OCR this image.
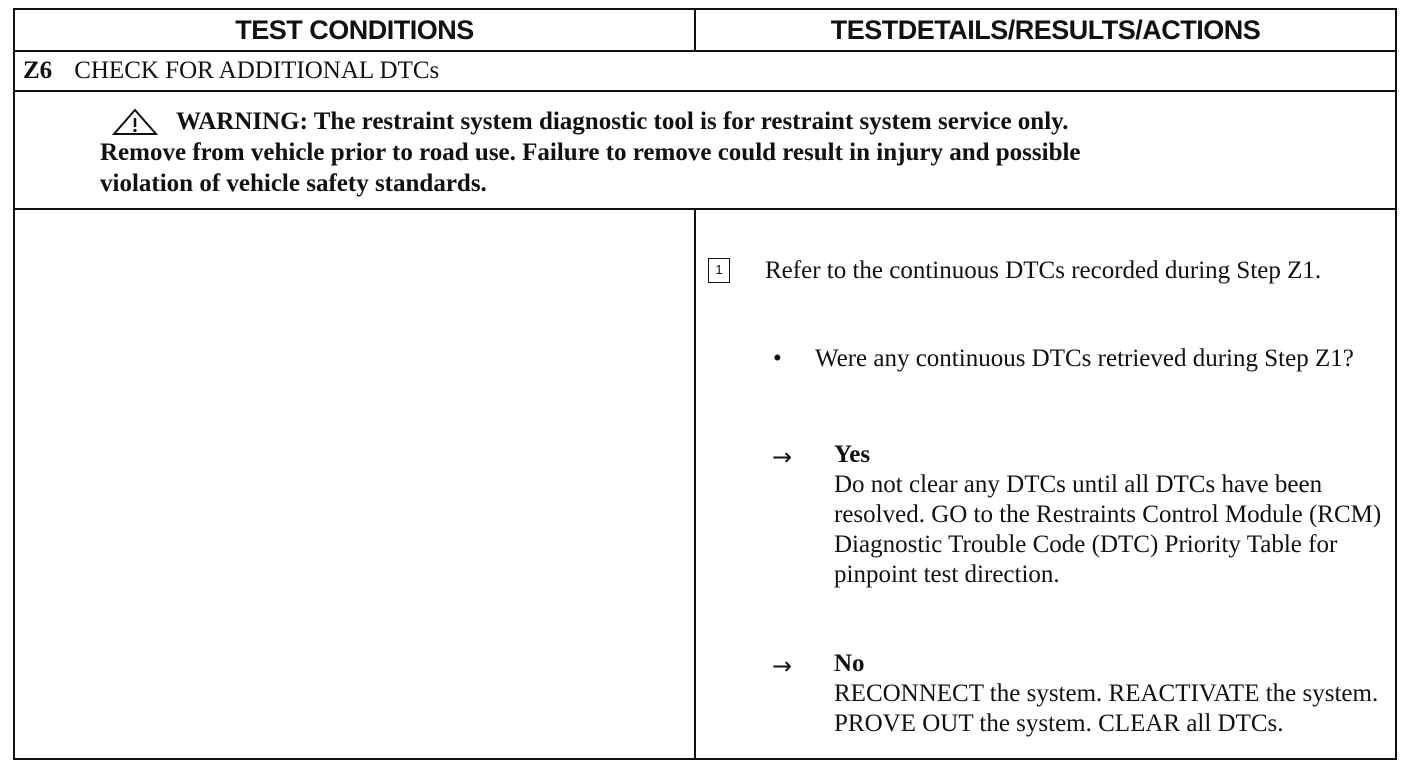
TEST CONDITIONS	TESTDETAILS/RESULTS/ACTIONS
Z6 CHECK FOR ADDITIONAL DTCs
WARNING: The restraint system diagnostic tool is for restraint system service only.
Remove from vehicle prior to road use. Failure to remove could result in injury and possible
violation of vehicle safety standards.
1 Refer to the continuous DTCs recorded during Step Z1.
• Were any continuous DTCs retrieved during Step Z1?
→ Yes
Do not clear any DTCs until all DTCs have been resolved. GO to the Restraints Control Module (RCM) Diagnostic Trouble Code (DTC) Priority Table for pinpoint test direction.
→ No
RECONNECT the system. REACTIVATE the system. PROVE OUT the system. CLEAR all DTCs.
